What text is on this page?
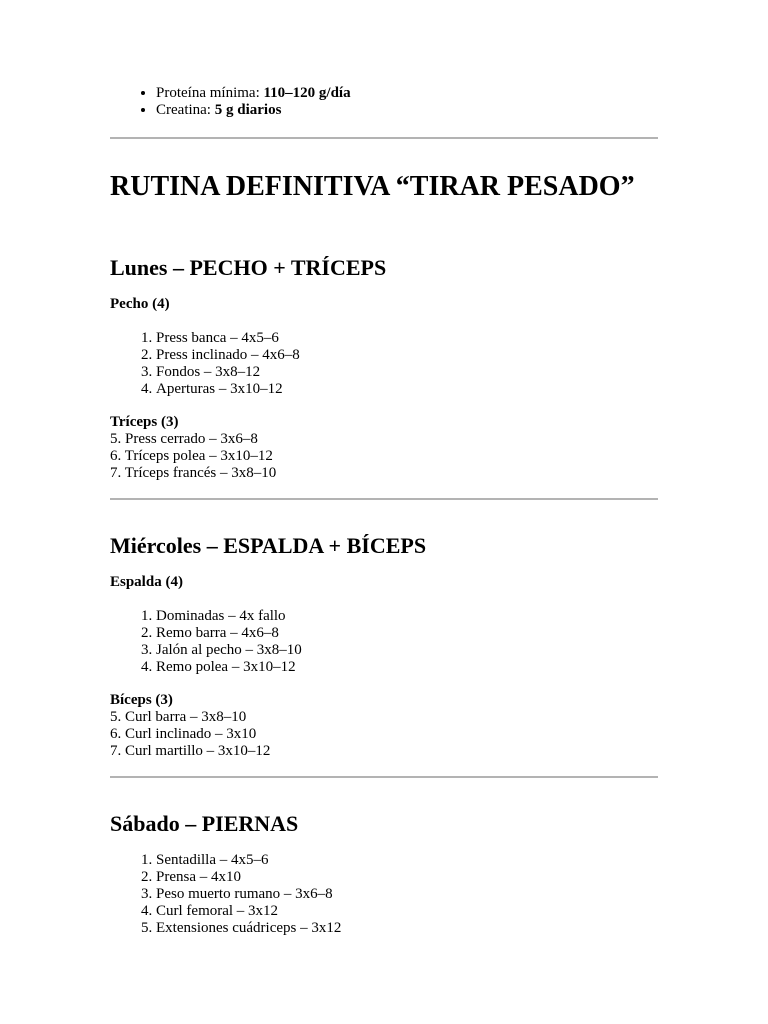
• Proteína mínima: 110–120 g/día
• Creatina: 5 g diarios
RUTINA DEFINITIVA “TIRAR PESADO”
Lunes – PECHO + TRÍCEPS
Pecho (4)
1. Press banca – 4x5–6
2. Press inclinado – 4x6–8
3. Fondos – 3x8–12
4. Aperturas – 3x10–12
Tríceps (3)
5. Press cerrado – 3x6–8
6. Tríceps polea – 3x10–12
7. Tríceps francés – 3x8–10
Miércoles – ESPALDA + BÍCEPS
Espalda (4)
1. Dominadas – 4x fallo
2. Remo barra – 4x6–8
3. Jalón al pecho – 3x8–10
4. Remo polea – 3x10–12
Bíceps (3)
5. Curl barra – 3x8–10
6. Curl inclinado – 3x10
7. Curl martillo – 3x10–12
Sábado – PIERNAS
1. Sentadilla – 4x5–6
2. Prensa – 4x10
3. Peso muerto rumano – 3x6–8
4. Curl femoral – 3x12
5. Extensiones cuádriceps – 3x12
